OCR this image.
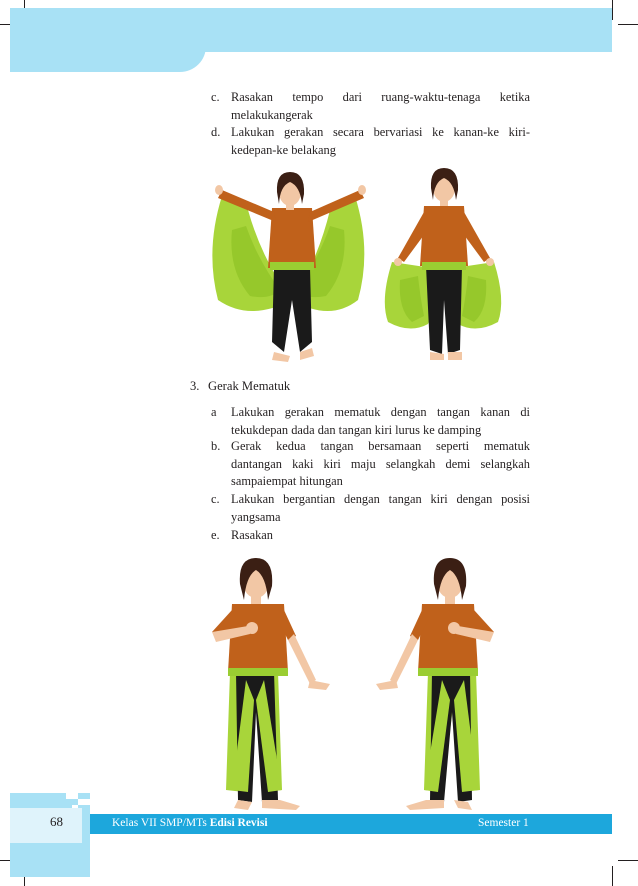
c. Rasakan tempo dari ruang-waktu-tenaga ketika
melakukangerak
d. Lakukan gerakan secara bervariasi ke kanan-ke kiri-
kedepan-ke belakang
3. Gerak Mematuk
a Lakukan gerakan mematuk dengan tangan kanan di
tekukdepan dada dan tangan kiri lurus ke damping
b. Gerak kedua tangan bersamaan seperti mematuk
dantangan kaki kiri maju selangkah demi selangkah
sampaiempat hitungan
c. Lakukan bergantian dengan tangan kiri dengan posisi
yangsama
e. Rasakan
68	Kelas VII SMP/MTs Edisi Revisi	Semester 1
